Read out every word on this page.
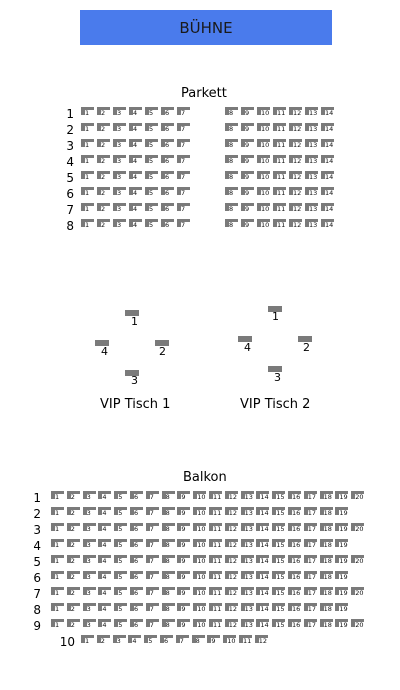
BÜHNE
Parkett
1 1 2 3 4 5 6 7	8 9 10 11 12 13 14
2 1 2 3 4 5 6 7	8 9 10 11 12 13 14
3 1 2 3 4 5 6 7	8 9 10 11 12 13 14
4 1 2 3 4 5 6 7	8 9 10 11 12 13 14
5 1 2 3 4 5 6 7	8 9 10 11 12 13 14
6 1 2 3 4 5 6 7	8 9 10 11 12 13 14
7 1 2 3 4 5 6 7	8 9 10 11 12 13 14
8 1 2 3 4 5 6 7	8 9 10 11 12 13 14
1
2
3
4
VIP Tisch 1
1
2
3
4
VIP Tisch 2
Balkon
1 1 2 3 4 5 6 7 8 9 10 11 12 13 14 15 16 17 18 19 20
2 1 2 3 4 5 6 7 8 9 10 11 12 13 14 15 16 17 18 19
3 1 2 3 4 5 6 7 8 9 10 11 12 13 14 15 16 17 18 19 20
4 1 2 3 4 5 6 7 8 9 10 11 12 13 14 15 16 17 18 19
5 1 2 3 4 5 6 7 8 9 10 11 12 13 14 15 16 17 18 19 20
6 1 2 3 4 5 6 7 8 9 10 11 12 13 14 15 16 17 18 19
7 1 2 3 4 5 6 7 8 9 10 11 12 13 14 15 16 17 18 19 20
8 1 2 3 4 5 6 7 8 9 10 11 12 13 14 15 16 17 18 19
9 1 2 3 4 5 6 7 8 9 10 11 12 13 14 15 16 17 18 19 20
10 1 2 3 4 5 6 7 8 9 10 11 12
